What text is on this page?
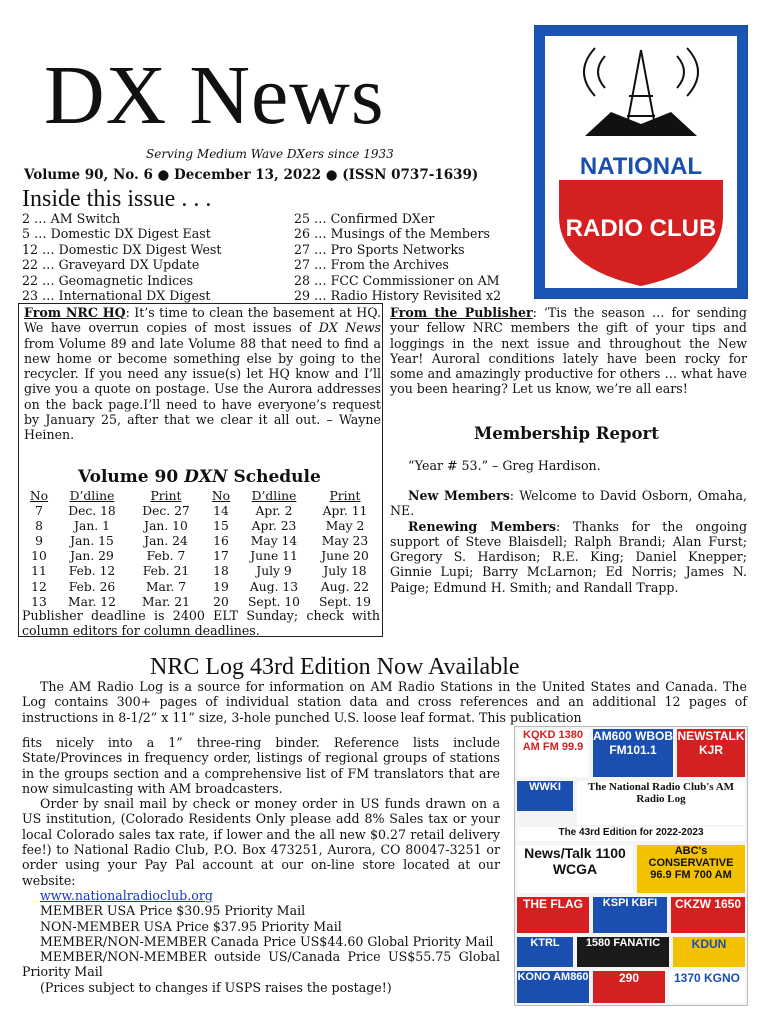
DX News
Serving Medium Wave DXers since 1933
Volume 90, No. 6 ● December 13, 2022 ● (ISSN 0737-1639)	NATIONAL
RADIO CLUB
Inside this issue . . .
2 … AM Switch
5 … Domestic DX Digest East
12 … Domestic DX Digest West
22 … Graveyard DX Update
22 … Geomagnetic Indices
23 … International DX Digest
25 … Confirmed DXer
26 … Musings of the Members
27 … Pro Sports Networks
27 … From the Archives
28 … FCC Commissioner on AM
29 … Radio History Revisited x2
From NRC HQ: It’s time to clean the basement at HQ. We have overrun copies of most issues of DX News from Volume 89 and late Volume 88 that need to find a new home or become something else by going to the recycler. If you need any issue(s) let HQ know and I’ll give you a quote on postage. Use the Aurora addresses on the back page.I’ll need to have everyone’s request by January 25, after that we clear it all out. – Wayne Heinen.
Volume 90 DXN Schedule
No	D’dline	Print	No	D’dline	Print
7	Dec. 18	Dec. 27	14	Apr. 2	Apr. 11
8	Jan. 1	Jan. 10	15	Apr. 23	May 2
9	Jan. 15	Jan. 24	16	May 14	May 23
10	Jan. 29	Feb. 7	17	June 11	June 20
11	Feb. 12	Feb. 21	18	July 9	July 18
12	Feb. 26	Mar. 7	19	Aug. 13	Aug. 22
13	Mar. 12	Mar. 21	20	Sept. 10	Sept. 19
Publisher deadline is 2400 ELT Sunday; check with column editors for column deadlines.
From the Publisher: ‘Tis the season … for sending your fellow NRC members the gift of your tips and loggings in the next issue and throughout the New Year! Auroral conditions lately have been rocky for some and amazingly productive for others … what have you been hearing? Let us know, we’re all ears!
Membership Report
“Year # 53.” – Greg Hardison.
New Members: Welcome to David Osborn, Omaha, NE.
Renewing Members: Thanks for the ongoing support of Steve Blaisdell; Ralph Brandi; Alan Furst; Gregory S. Hardison; R.E. King; Daniel Knepper; Ginnie Lupi; Barry McLarnon; Ed Norris; James N. Paige; Edmund H. Smith; and Randall Trapp.
NRC Log 43rd Edition Now Available
The AM Radio Log is a source for information on AM Radio Stations in the United States and Canada. The Log contains 300+ pages of individual station data and cross references and an additional 12 pages of instructions in 8-1/2” x 11” size, 3-hole punched U.S. loose leaf format. This publication
fits nicely into a 1” three-ring binder. Reference lists include State/Provinces in frequency order, listings of regional groups of stations in the groups section and a comprehensive list of FM translators that are now simulcasting with AM broadcasters.
Order by snail mail by check or money order in US funds drawn on a US institution, (Colorado Residents Only please add 8% Sales tax or your local Colorado sales tax rate, if lower and the all new $0.27 retail delivery fee!) to National Radio Club, P.O. Box 473251, Aurora, CO 80047-3251 or order using your Pay Pal account at our on-line store located at our website:
www.nationalradioclub.org
MEMBER USA Price $30.95 Priority Mail
NON-MEMBER USA Price $37.95 Priority Mail
MEMBER/NON-MEMBER Canada Price US$44.60 Global Priority Mail
MEMBER/NON-MEMBER outside US/Canada Price US$55.75 Global Priority Mail
(Prices subject to changes if USPS raises the postage!)
KQKD 1380 AM FM 99.9
AM600 WBOB FM101.1
NEWSTALK KJR
WWKI	The National Radio Club's AM Radio Log
The 43rd Edition for 2022-2023
News/Talk 1100 WCGA
ABC's CONSERVATIVE 96.9 FM 700 AM
THE FLAG	KSPI KBFI	CKZW 1650
KTRL	KDUN
KONO AM860
1580 FANATIC
290	1370 KGNO
